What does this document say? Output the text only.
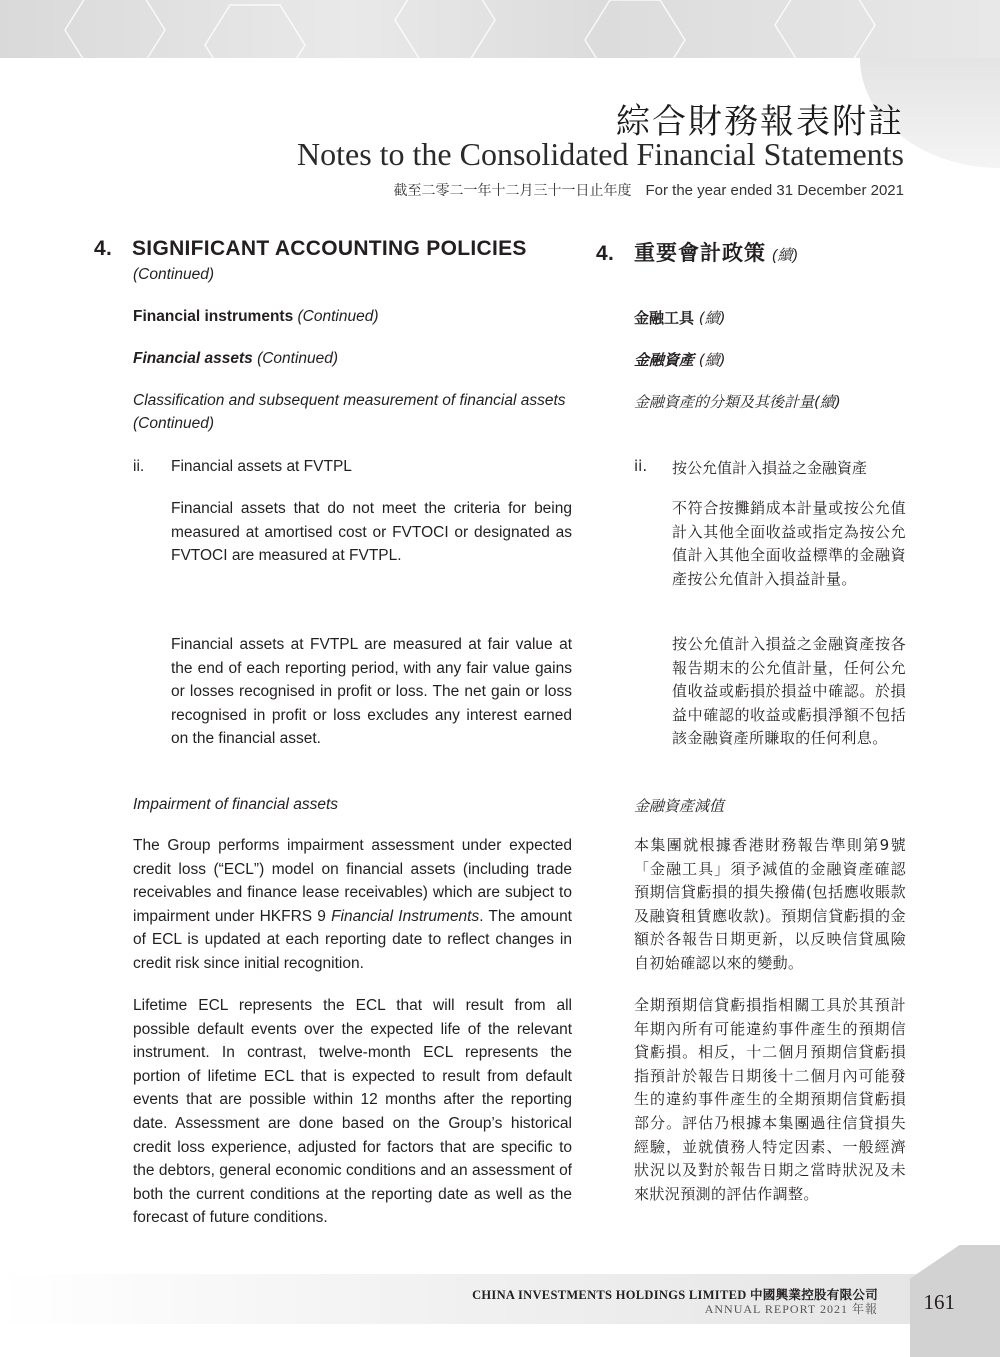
綜合財務報表附註
Notes to the Consolidated Financial Statements
截至二零二一年十二月三十一日止年度 For the year ended 31 December 2021
4. SIGNIFICANT ACCOUNTING POLICIES
(Continued)
4. 重要會計政策 (續)
Financial instruments (Continued)
Financial assets (Continued)
Classification and subsequent measurement of financial assets
(Continued)
金融工具 (續)
金融資產 (續)
金融資產的分類及其後計量(續)
ii. Financial assets at FVTPL
Financial assets that do not meet the criteria for being measured at amortised cost or FVTOCI or designated as FVTOCI are measured at FVTPL.
Financial assets at FVTPL are measured at fair value at the end of each reporting period, with any fair value gains or losses recognised in profit or loss. The net gain or loss recognised in profit or loss excludes any interest earned on the financial asset.
ii. 按公允值計入損益之金融資產
不符合按攤銷成本計量或按公允值計入其他全面收益或指定為按公允值計入其他全面收益標準的金融資產按公允值計入損益計量。
按公允值計入損益之金融資產按各報告期末的公允值計量，任何公允值收益或虧損於損益中確認。於損益中確認的收益或虧損淨額不包括該金融資產所賺取的任何利息。
Impairment of financial assets
The Group performs impairment assessment under expected credit loss (“ECL”) model on financial assets (including trade receivables and finance lease receivables) which are subject to impairment under HKFRS 9 Financial Instruments. The amount of ECL is updated at each reporting date to reflect changes in credit risk since initial recognition.
Lifetime ECL represents the ECL that will result from all possible default events over the expected life of the relevant instrument. In contrast, twelve-month ECL represents the portion of lifetime ECL that is expected to result from default events that are possible within 12 months after the reporting date. Assessment are done based on the Group’s historical credit loss experience, adjusted for factors that are specific to the debtors, general economic conditions and an assessment of both the current conditions at the reporting date as well as the forecast of future conditions.
金融資產減值
本集團就根據香港財務報告準則第9號「金融工具」須予減值的金融資產確認預期信貸虧損的損失撥備(包括應收賬款及融資租賃應收款)。預期信貸虧損的金額於各報告日期更新，以反映信貸風險自初始確認以來的變動。
全期預期信貸虧損指相關工具於其預計年期內所有可能違約事件產生的預期信貸虧損。相反，十二個月預期信貸虧損指預計於報告日期後十二個月內可能發生的違約事件產生的全期預期信貸虧損部分。評估乃根據本集團過往信貸損失經驗，並就債務人特定因素、一般經濟狀況以及對於報告日期之當時狀況及未來狀況預測的評估作調整。
CHINA INVESTMENTS HOLDINGS LIMITED 中國興業控股有限公司
ANNUAL REPORT 2021 年報 161
